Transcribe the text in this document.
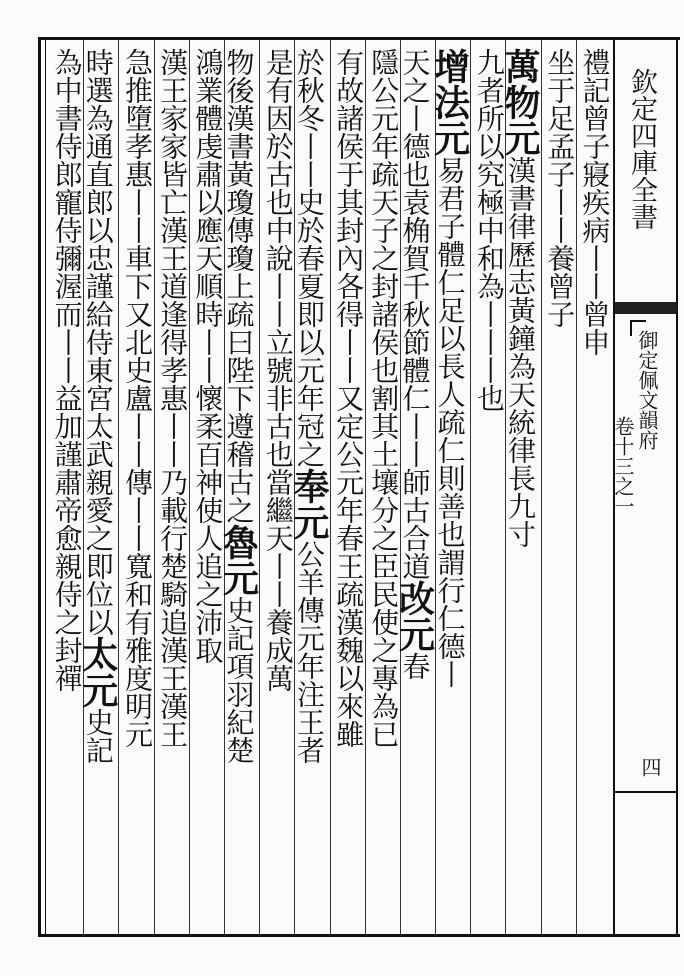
欽定四庫全書
御定佩文韻府
卷十三之一
四
禮記曾子寢疾病丨丨曾申
坐于足孟子丨丨養曾子
萬物元漢書律歷志黃鐘為天統律長九寸
九者所以究極中和為丨丨丨也
增法元易君子體仁足以長人疏仁則善也謂行仁德丨
天之丨德也袁桷賀千秋節體仁丨丨師古合道改元春
隱公元年疏天子之封諸侯也割其土壤分之臣民使之專為已
有故諸侯于其封內各得丨丨又定公元年春王疏漢魏以來雖
於秋冬丨丨史於春夏即以元年冠之奉元公羊傳元年注王者
是有因於古也中說丨丨立號非古也當繼天丨丨養成萬
物後漢書黃瓊傳瓊上疏曰陛下遵稽古之魯元史記項羽紀楚
鴻業體虔肅以應天順時丨丨懷柔百神使人追之沛取
漢王家家皆亡漢王道逢得孝惠丨丨乃載行楚騎追漢王漢王
急推墮孝惠丨丨車下又北史盧丨丨傳丨丨寬和有雅度明元
時選為通直郎以忠謹給侍東宮太武親愛之即位以太元史記
為中書侍郎寵侍彌渥而丨丨益加謹肅帝愈親侍之封禪
